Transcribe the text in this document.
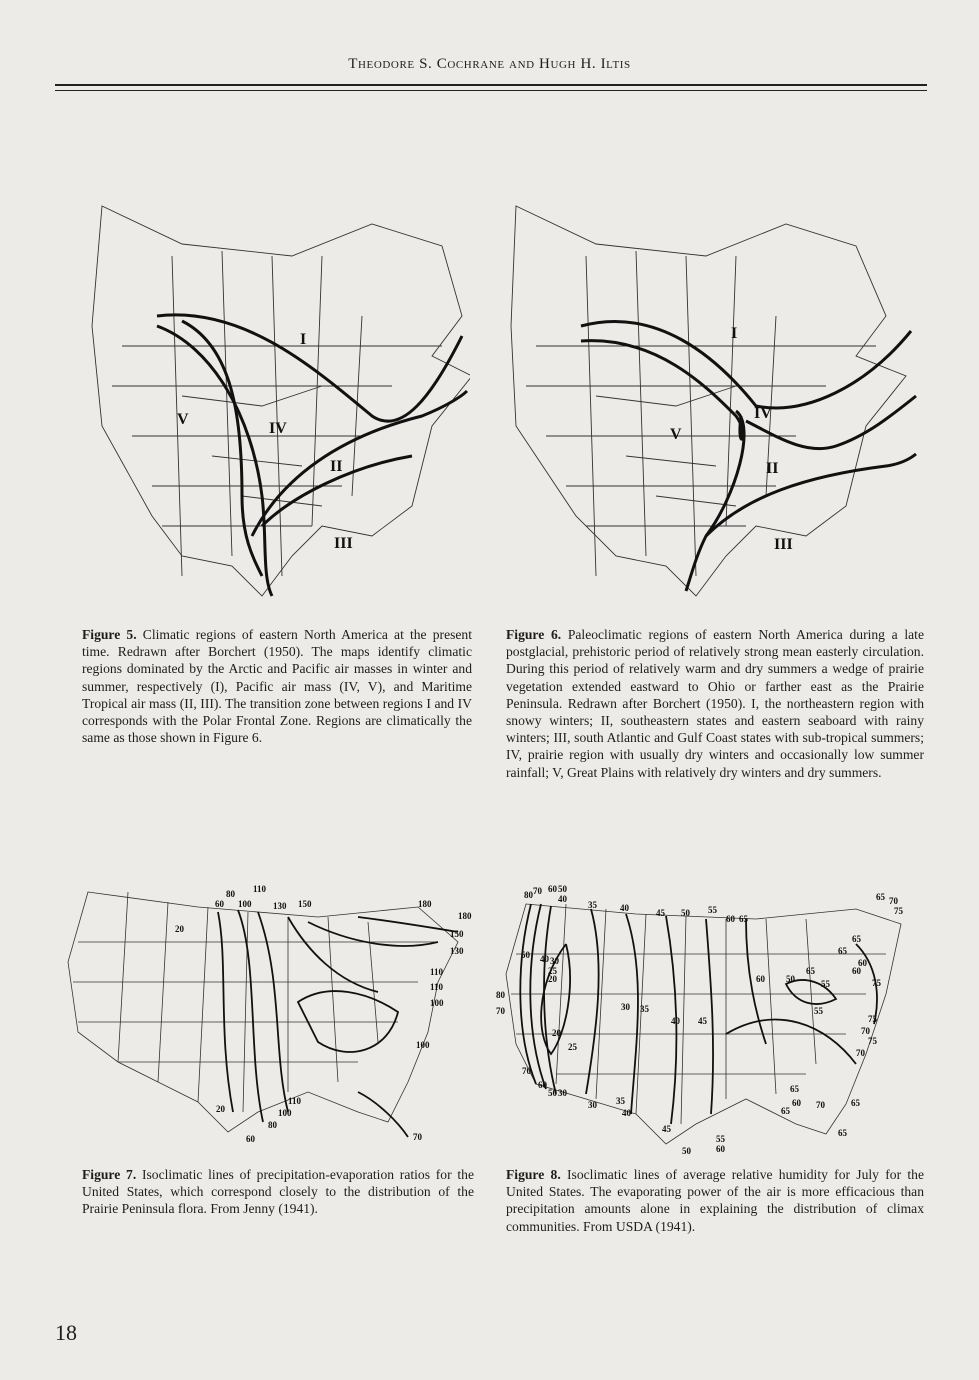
Theodore S. Cochrane and Hugh H. Iltis
I
IV
V
II
III
I
IV
V
II
III
Figure 5. Climatic regions of eastern North America at the present time. Redrawn after Borchert (1950). The maps identify climatic regions dominated by the Arctic and Pacific air masses in winter and summer, respectively (I), Pacific air mass (IV, V), and Maritime Tropical air mass (II, III). The transition zone between regions I and IV corresponds with the Polar Frontal Zone. Regions are climatically the same as those shown in Figure 6.
Figure 6. Paleoclimatic regions of eastern North America during a late postglacial, prehistoric period of relatively strong mean easterly circulation. During this period of relatively warm and dry summers a wedge of prairie vegetation extended eastward to Ohio or farther east as the Prairie Peninsula. Redrawn after Borchert (1950). I, the northeastern region with snowy winters; II, southeastern states and eastern seaboard with rainy winters; III, south Atlantic and Gulf Coast states with sub-tropical summers; IV, prairie region with usually dry winters and occasionally low summer rainfall; V, Great Plains with relatively dry winters and dry summers.
80 110
60 100 130 150	180
180
20	150
130
110
110
100
100
20
110
100
80
60	70
80 70 60 50
40
35	40	45 50 55
60 65
65 70
75
50 40 30
25
20
65
60
80
70	30 35
40 45
60 50	55
65	60
75
20
25
55
75
70
70
60
50 30
30 35
40
45
50
55
60
65
60 70	65
65
65
75
70
65
Figure 7. Isoclimatic lines of precipitation-evaporation ratios for the United States, which correspond closely to the distribution of the Prairie Peninsula flora. From Jenny (1941).
Figure 8. Isoclimatic lines of average relative humidity for July for the United States. The evaporating power of the air is more efficacious than precipitation amounts alone in explaining the distribution of climax communities. From USDA (1941).
18
